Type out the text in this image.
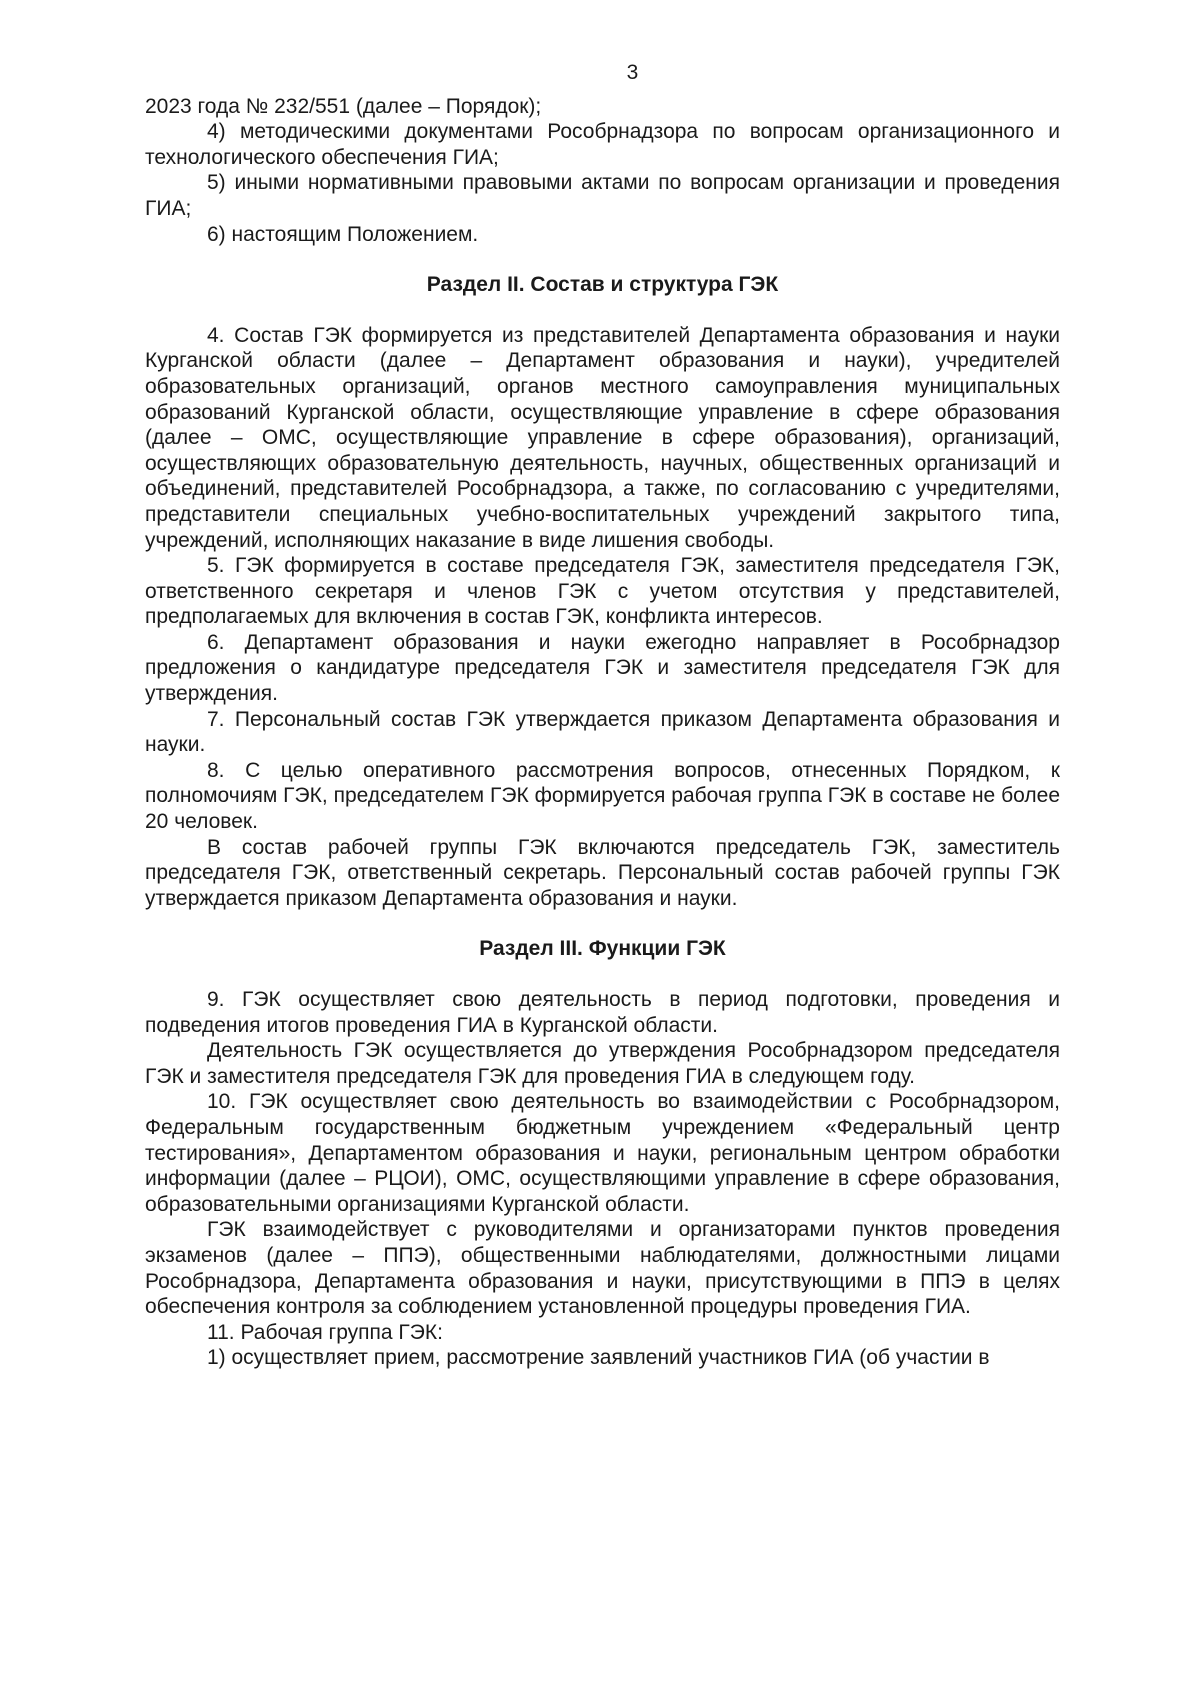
3

2023 года № 232/551 (далее – Порядок);

4) методическими документами Рособрнадзора по вопросам организационного и технологического обеспечения ГИА;

5) иными нормативными правовыми актами по вопросам организации и проведения ГИА;

6) настоящим Положением.

Раздел II. Состав и структура ГЭК

4. Состав ГЭК формируется из представителей Департамента образования и науки Курганской области (далее – Департамент образования и науки), учредителей образовательных организаций, органов местного самоуправления муниципальных образований Курганской области, осуществляющие управление в сфере образования (далее – ОМС, осуществляющие управление в сфере образования), организаций, осуществляющих образовательную деятельность, научных, общественных организаций и объединений, представителей Рособрнадзора, а также, по согласованию с учредителями, представители специальных учебно-воспитательных учреждений закрытого типа, учреждений, исполняющих наказание в виде лишения свободы.

5. ГЭК формируется в составе председателя ГЭК, заместителя председателя ГЭК, ответственного секретаря и членов ГЭК с учетом отсутствия у представителей, предполагаемых для включения в состав ГЭК, конфликта интересов.

6. Департамент образования и науки ежегодно направляет в Рособрнадзор предложения о кандидатуре председателя ГЭК и заместителя председателя ГЭК для утверждения.

7. Персональный состав ГЭК утверждается приказом Департамента образования и науки.

8. С целью оперативного рассмотрения вопросов, отнесенных Порядком, к полномочиям ГЭК, председателем ГЭК формируется рабочая группа ГЭК в составе не более 20 человек.

В состав рабочей группы ГЭК включаются председатель ГЭК, заместитель председателя ГЭК, ответственный секретарь. Персональный состав рабочей группы ГЭК утверждается приказом Департамента образования и науки.

Раздел III. Функции ГЭК

9. ГЭК осуществляет свою деятельность в период подготовки, проведения и подведения итогов проведения ГИА в Курганской области.

Деятельность ГЭК осуществляется до утверждения Рособрнадзором председателя ГЭК и заместителя председателя ГЭК для проведения ГИА в следующем году.

10. ГЭК осуществляет свою деятельность во взаимодействии с Рособрнадзором, Федеральным государственным бюджетным учреждением «Федеральный центр тестирования», Департаментом образования и науки, региональным центром обработки информации (далее – РЦОИ), ОМС, осуществляющими управление в сфере образования, образовательными организациями Курганской области.

ГЭК взаимодействует с руководителями и организаторами пунктов проведения экзаменов (далее – ППЭ), общественными наблюдателями, должностными лицами Рособрнадзора, Департамента образования и науки, присутствующими в ППЭ в целях обеспечения контроля за соблюдением установленной процедуры проведения ГИА.

11. Рабочая группа ГЭК:

1) осуществляет прием, рассмотрение заявлений участников ГИА (об участии в
